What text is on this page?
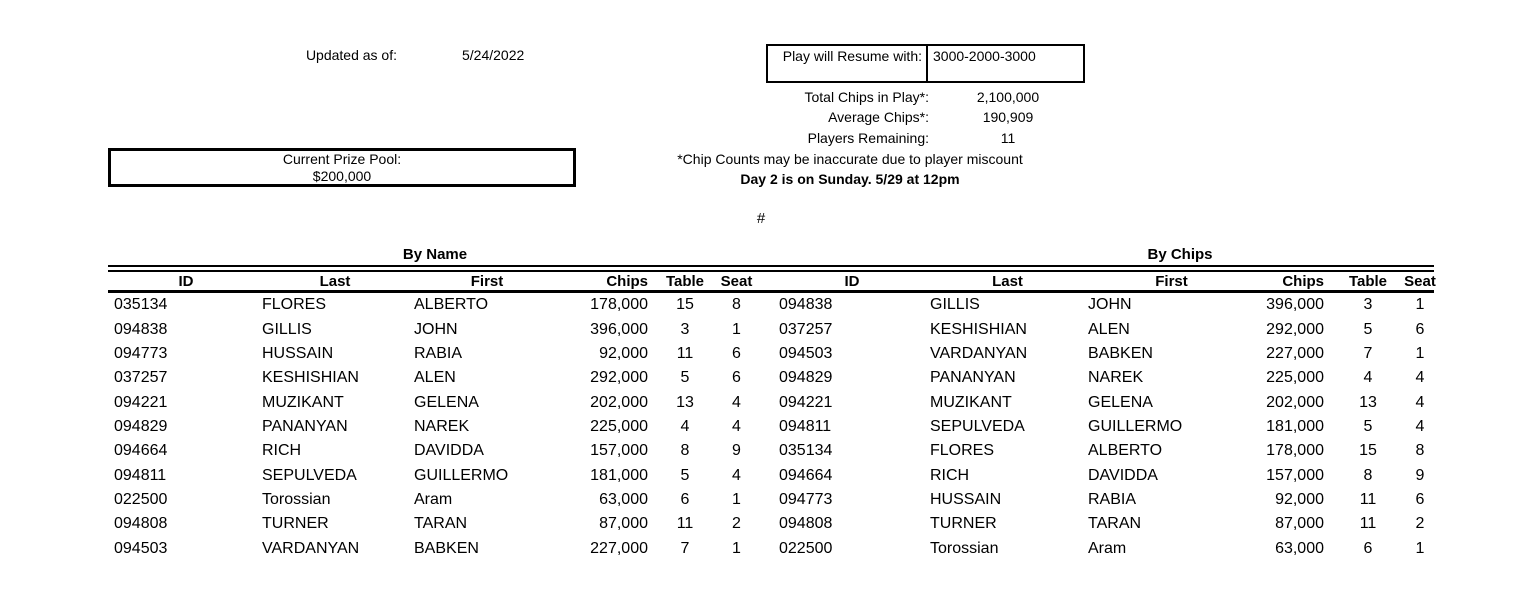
Updated as of:	5/24/2022	Play will Resume with: 3000-2000-3000
Total Chips in Play*:	2,100,000
Average Chips*:	190,909
Players Remaining:	11
*Chip Counts may be inaccurate due to player miscount
Day 2 is on Sunday. 5/29 at 12pm
Current Prize Pool:
$200,000
#
By Name	By Chips
ID	Last	First	Chips	Table	Seat	ID	Last	First	Chips	Table	Seat
035134	FLORES	ALBERTO	178,000	15	8	094838	GILLIS	JOHN	396,000	3	1
094838	GILLIS	JOHN	396,000	3	1	037257	KESHISHIAN	ALEN	292,000	5	6
094773	HUSSAIN	RABIA	92,000	11	6	094503	VARDANYAN	BABKEN	227,000	7	1
037257	KESHISHIAN	ALEN	292,000	5	6	094829	PANANYAN	NAREK	225,000	4	4
094221	MUZIKANT	GELENA	202,000	13	4	094221	MUZIKANT	GELENA	202,000	13	4
094829	PANANYAN	NAREK	225,000	4	4	094811	SEPULVEDA	GUILLERMO	181,000	5	4
094664	RICH	DAVIDDA	157,000	8	9	035134	FLORES	ALBERTO	178,000	15	8
094811	SEPULVEDA	GUILLERMO	181,000	5	4	094664	RICH	DAVIDDA	157,000	8	9
022500	Torossian	Aram	63,000	6	1	094773	HUSSAIN	RABIA	92,000	11	6
094808	TURNER	TARAN	87,000	11	2	094808	TURNER	TARAN	87,000	11	2
094503	VARDANYAN	BABKEN	227,000	7	1	022500	Torossian	Aram	63,000	6	1
